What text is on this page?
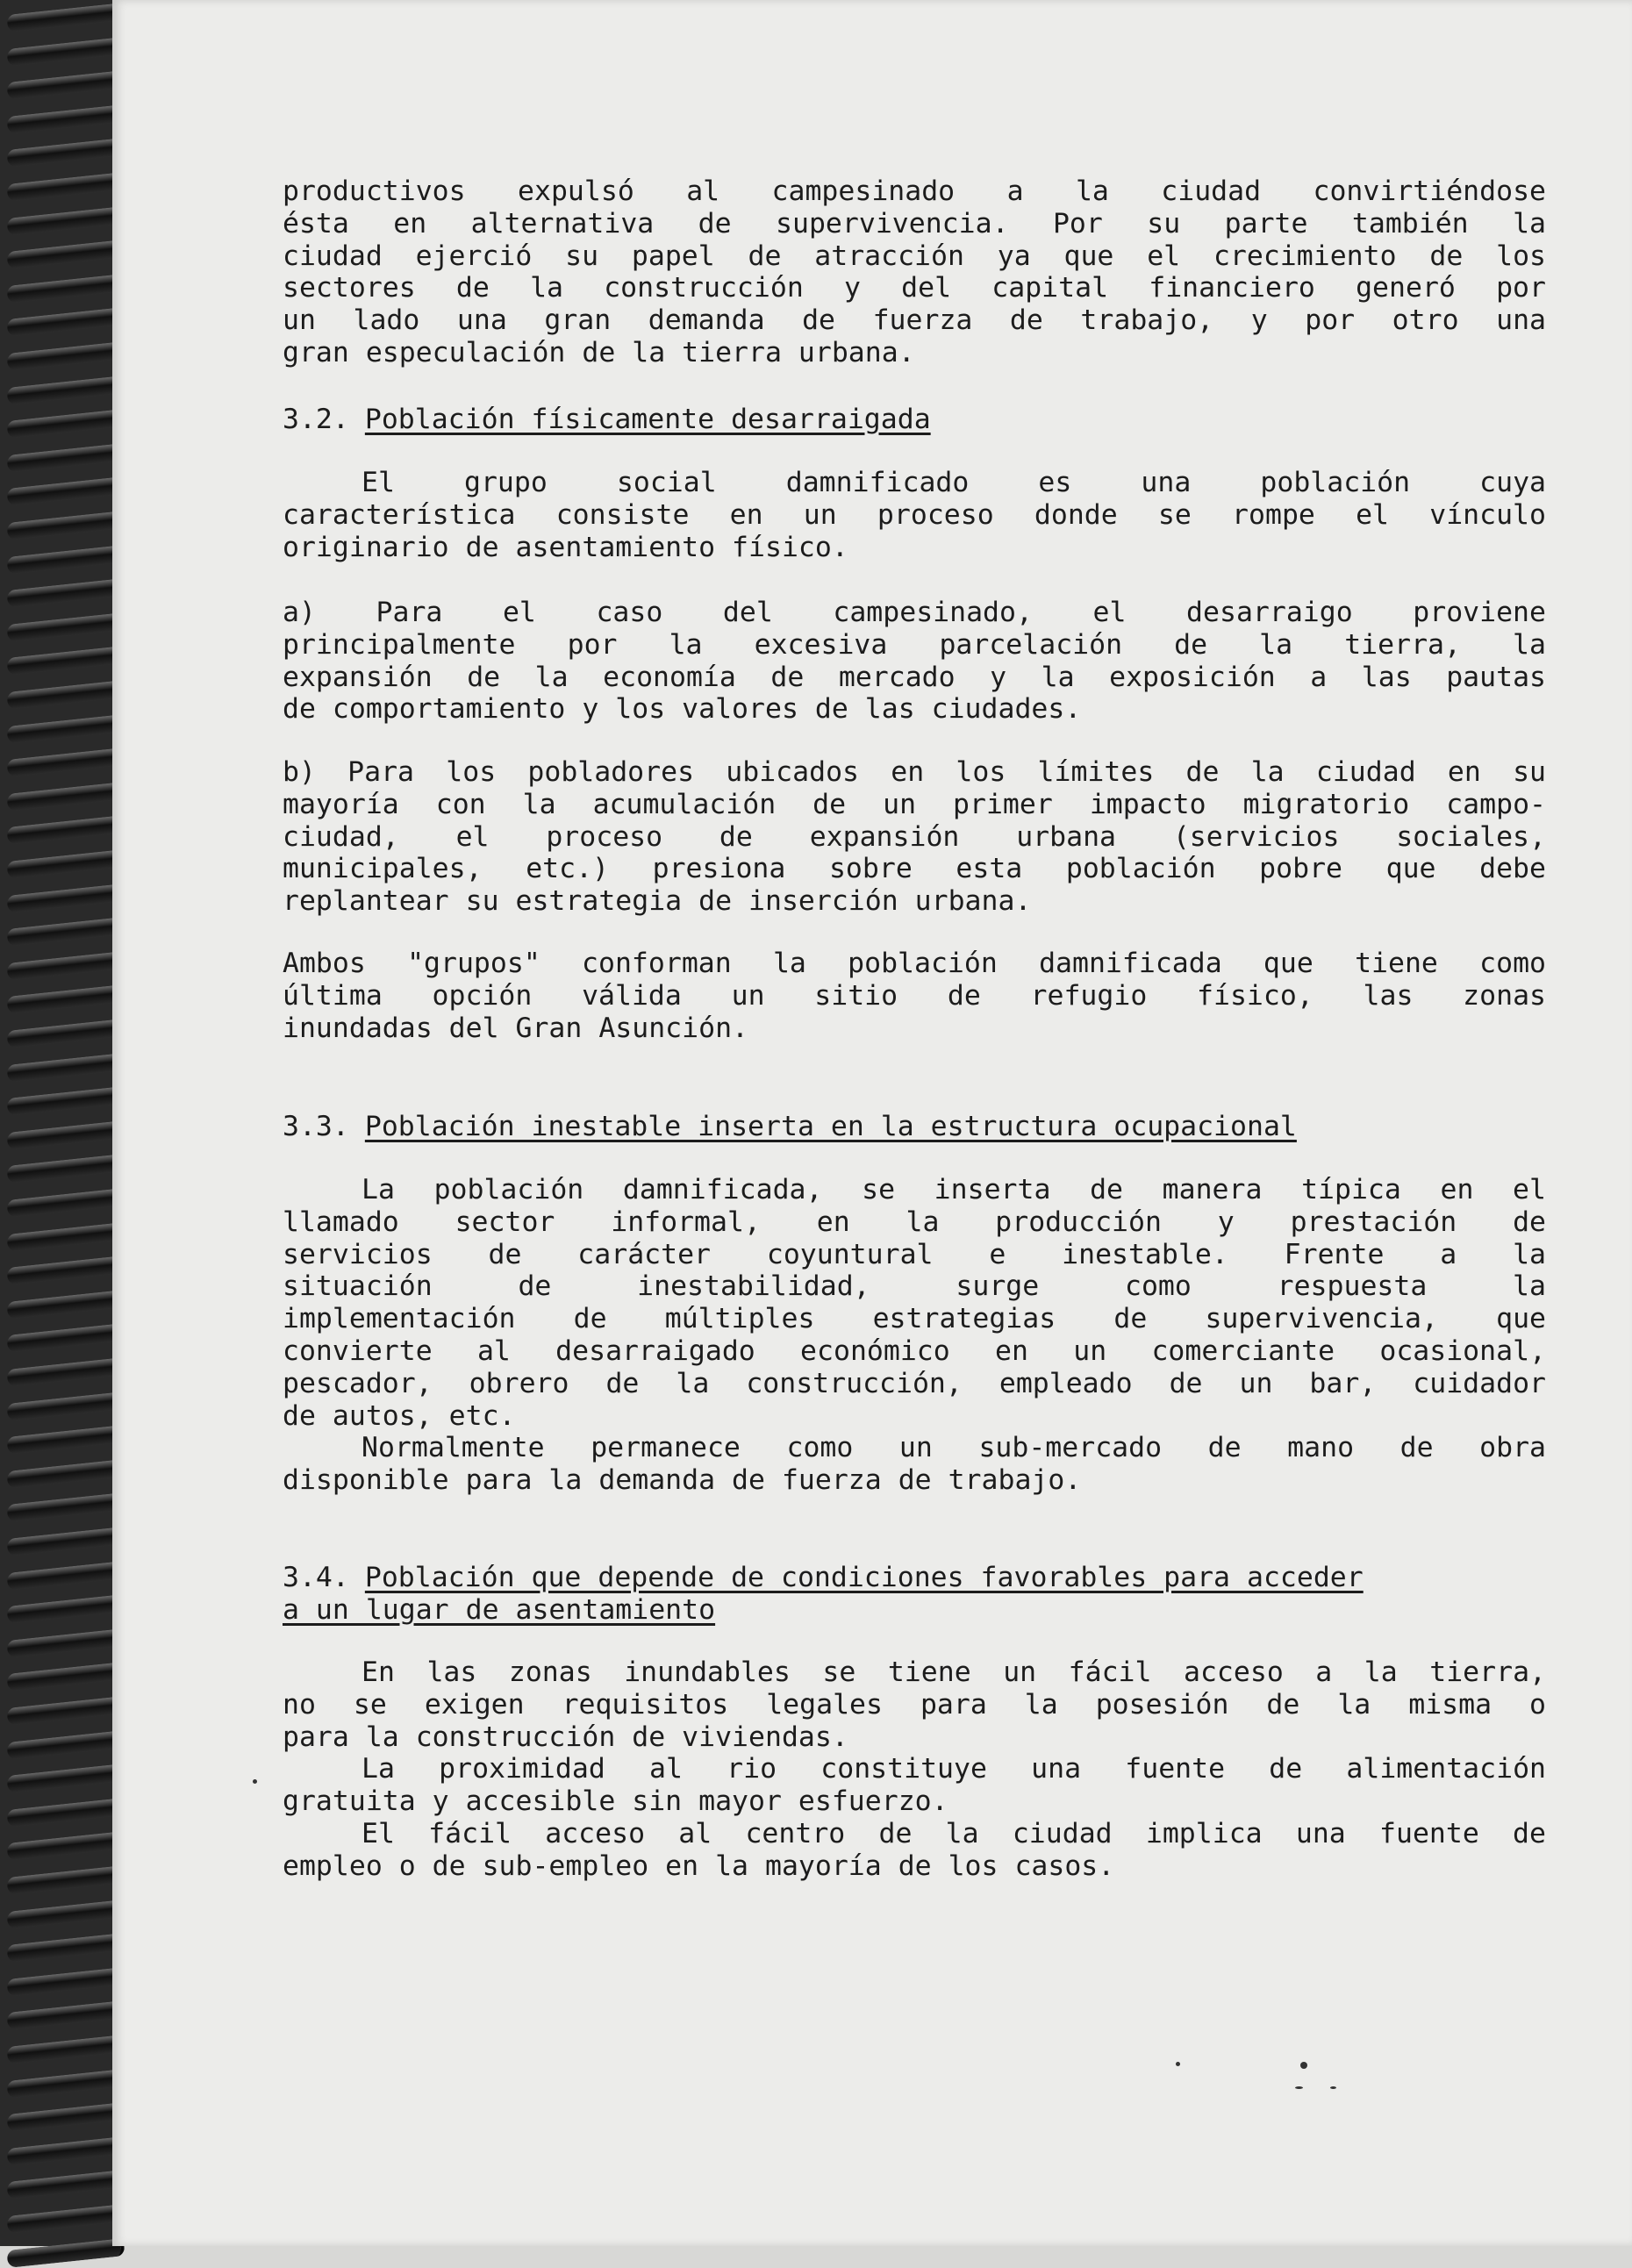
productivos expulsó al campesinado a la ciudad convirtiéndose
ésta en alternativa de supervivencia. Por su parte también la
ciudad ejerció su papel de atracción ya que el crecimiento de los
sectores de la construcción y del capital financiero generó por
un lado una gran demanda de fuerza de trabajo, y por otro una
gran especulación de la tierra urbana.
3.2. Población físicamente desarraigada
El grupo social damnificado es una población cuya
característica consiste en un proceso donde se rompe el vínculo
originario de asentamiento físico.
a) Para el caso del campesinado, el desarraigo proviene
principalmente por la excesiva parcelación de la tierra, la
expansión de la economía de mercado y la exposición a las pautas
de comportamiento y los valores de las ciudades.
b) Para los pobladores ubicados en los límites de la ciudad en su
mayoría con la acumulación de un primer impacto migratorio campo-
ciudad, el proceso de expansión urbana (servicios sociales,
municipales, etc.) presiona sobre esta población pobre que debe
replantear su estrategia de inserción urbana.
Ambos "grupos" conforman la población damnificada que tiene como
última opción válida un sitio de refugio físico, las zonas
inundadas del Gran Asunción.
3.3. Población inestable inserta en la estructura ocupacional
La población damnificada, se inserta de manera típica en el
llamado sector informal, en la producción y prestación de
servicios de carácter coyuntural e inestable. Frente a la
situación de inestabilidad, surge como respuesta la
implementación de múltiples estrategias de supervivencia, que
convierte al desarraigado económico en un comerciante ocasional,
pescador, obrero de la construcción, empleado de un bar, cuidador
de autos, etc.
Normalmente permanece como un sub-mercado de mano de obra
disponible para la demanda de fuerza de trabajo.
3.4. Población que depende de condiciones favorables para acceder
a un lugar de asentamiento
En las zonas inundables se tiene un fácil acceso a la tierra,
no se exigen requisitos legales para la posesión de la misma o
para la construcción de viviendas.
La proximidad al rio constituye una fuente de alimentación
gratuita y accesible sin mayor esfuerzo.
El fácil acceso al centro de la ciudad implica una fuente de
empleo o de sub-empleo en la mayoría de los casos.
